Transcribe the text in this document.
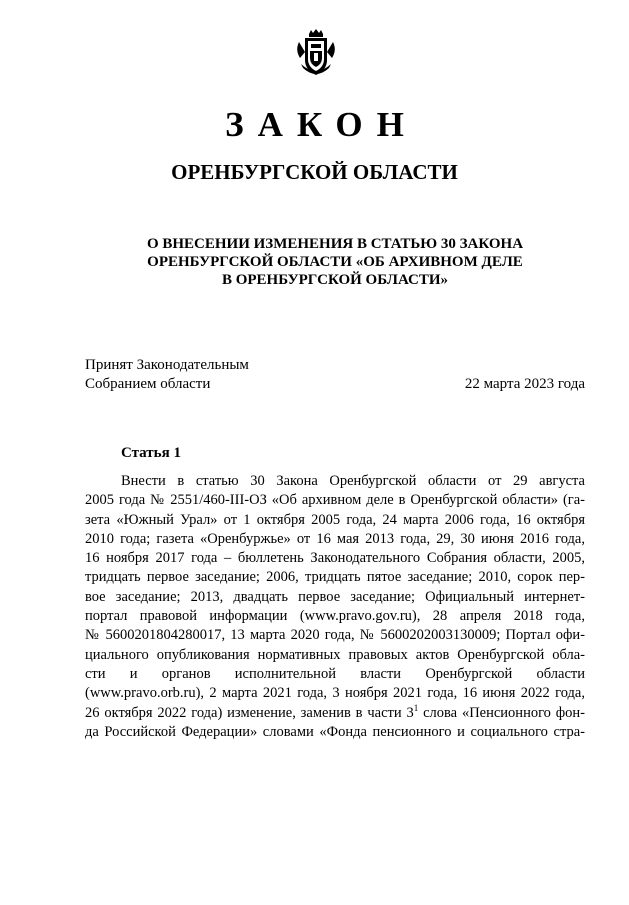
ЗАКОН
ОРЕНБУРГСКОЙ ОБЛАСТИ
О ВНЕСЕНИИ ИЗМЕНЕНИЯ В СТАТЬЮ 30 ЗАКОНА
ОРЕНБУРГСКОЙ ОБЛАСТИ «ОБ АРХИВНОМ ДЕЛЕ
В ОРЕНБУРГСКОЙ ОБЛАСТИ»
Принят Законодательным
Собранием области	22 марта 2023 года
Статья 1
Внести в статью 30 Закона Оренбургской области от 29 августа
2005 года № 2551/460-III-ОЗ «Об архивном деле в Оренбургской области» (га-
зета «Южный Урал» от 1 октября 2005 года, 24 марта 2006 года, 16 октября
2010 года; газета «Оренбуржье» от 16 мая 2013 года, 29, 30 июня 2016 года,
16 ноября 2017 года – бюллетень Законодательного Собрания области, 2005,
тридцать первое заседание; 2006, тридцать пятое заседание; 2010, сорок пер-
вое заседание; 2013, двадцать первое заседание; Официальный интернет-
портал правовой информации (www.pravo.gov.ru), 28 апреля 2018 года,
№ 5600201804280017, 13 марта 2020 года, № 5600202003130009; Портал офи-
циального опубликования нормативных правовых актов Оренбургской обла-
сти и органов исполнительной власти Оренбургской области
(www.pravo.orb.ru), 2 марта 2021 года, 3 ноября 2021 года, 16 июня 2022 года,
26 октября 2022 года) изменение, заменив в части $3^1$ слова «Пенсионного фон-
да Российской Федерации» словами «Фонда пенсионного и социального стра-
